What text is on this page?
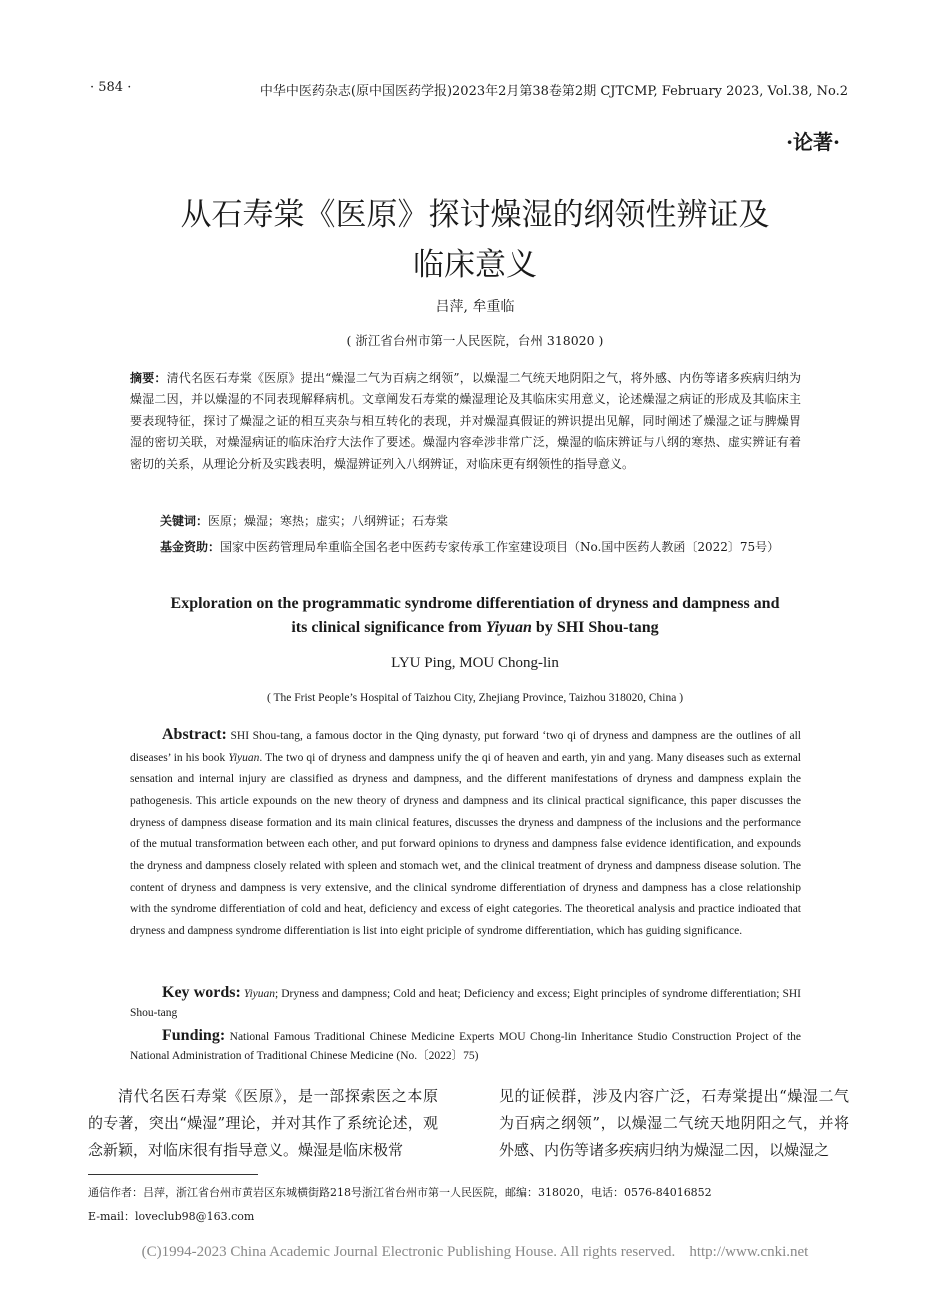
· 584 ·	中华中医药杂志(原中国医药学报)2023年2月第38卷第2期 CJTCMP, February 2023, Vol.38, No.2
·论著·
从石寿棠《医原》探讨燥湿的纲领性辨证及
临床意义
吕萍, 牟重临
( 浙江省台州市第一人民医院，台州 318020 )
摘要：清代名医石寿棠《医原》提出“燥湿二气为百病之纲领”，以燥湿二气统天地阴阳之气，将外感、内伤等诸多疾病归纳为燥湿二因，并以燥湿的不同表现解释病机。文章阐发石寿棠的燥湿理论及其临床实用意义，论述燥湿之病证的形成及其临床主要表现特征，探讨了燥湿之证的相互夹杂与相互转化的表现，并对燥湿真假证的辨识提出见解，同时阐述了燥湿之证与脾燥胃湿的密切关联，对燥湿病证的临床治疗大法作了要述。燥湿内容牵涉非常广泛，燥湿的临床辨证与八纲的寒热、虚实辨证有着密切的关系，从理论分析及实践表明，燥湿辨证列入八纲辨证，对临床更有纲领性的指导意义。
关键词：医原；燥湿；寒热；虚实；八纲辨证；石寿棠
基金资助：国家中医药管理局牟重临全国名老中医药专家传承工作室建设项目（No.国中医药人教函〔2022〕75号）
Exploration on the programmatic syndrome differentiation of dryness and dampness and
its clinical significance from Yiyuan by SHI Shou-tang
LYU Ping, MOU Chong-lin
( The Frist People’s Hospital of Taizhou City, Zhejiang Province, Taizhou 318020, China )

Abstract: SHI Shou-tang, a famous doctor in the Qing dynasty, put forward ‘two qi of dryness and dampness are the outlines of all diseases’ in his book Yiyuan. The two qi of dryness and dampness unify the qi of heaven and earth, yin and yang. Many diseases such as external sensation and internal injury are classified as dryness and dampness, and the different manifestations of dryness and dampness explain the pathogenesis. This article expounds on the new theory of dryness and dampness and its clinical practical significance, this paper discusses the dryness of dampness disease formation and its main clinical features, discusses the dryness and dampness of the inclusions and the performance of the mutual transformation between each other, and put forward opinions to dryness and dampness false evidence identification, and expounds the dryness and dampness closely related with spleen and stomach wet, and the clinical treatment of dryness and dampness disease solution. The content of dryness and dampness is very extensive, and the clinical syndrome differentiation of dryness and dampness has a close relationship with the syndrome differentiation of cold and heat, deficiency and excess of eight categories. The theoretical analysis and practice indioated that dryness and dampness syndrome differentiation is list into eight priciple of syndrome differentiation, which has guiding significance.

Key words: Yiyuan; Dryness and dampness; Cold and heat; Deficiency and excess; Eight principles of syndrome differentiation; SHI Shou-tang

Funding: National Famous Traditional Chinese Medicine Experts MOU Chong-lin Inheritance Studio Construction Project of the National Administration of Traditional Chinese Medicine (No.〔2022〕75)

清代名医石寿棠《医原》，是一部探索医之本原的专著，突出“燥湿”理论，并对其作了系统论述，观念新颖，对临床很有指导意义。燥湿是临床极常
见的证候群，涉及内容广泛，石寿棠提出“燥湿二气为百病之纲领”，以燥湿二气统天地阴阳之气，并将外感、内伤等诸多疾病归纳为燥湿二因，以燥湿之
通信作者：吕萍，浙江省台州市黄岩区东城横街路218号浙江省台州市第一人民医院，邮编：318020，电话：0576-84016852
E-mail：loveclub98@163.com
(C)1994-2023 China Academic Journal Electronic Publishing House. All rights reserved. http://www.cnki.net
